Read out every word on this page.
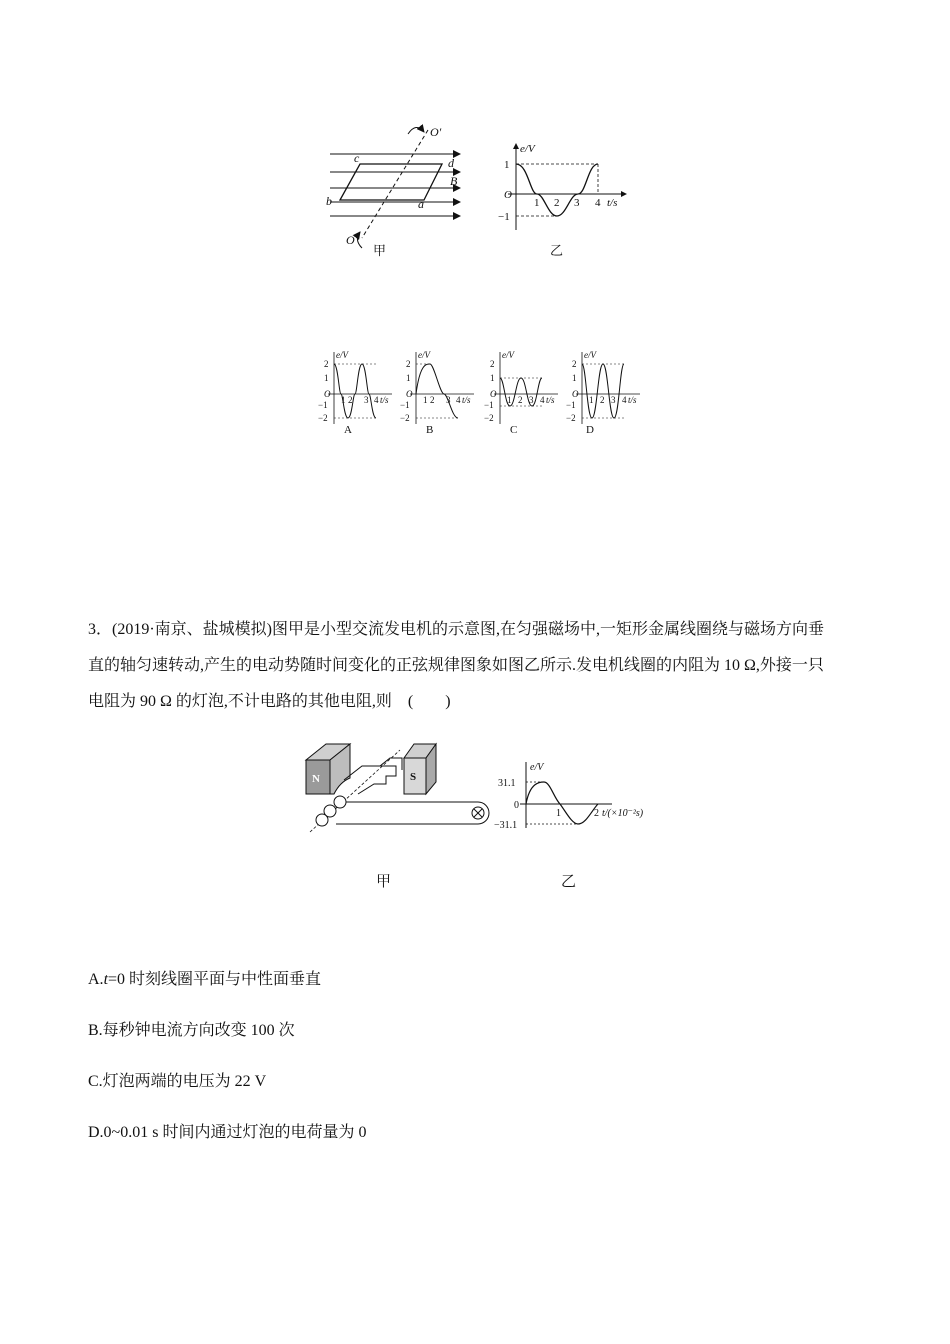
c	d
B
b	a
O′
O
甲
e/V
1
O
−1
1 2 3 4 t/s
乙
e/V
2
1
O
−1
−2
1 2 3 4 t/s
e/V
2
1
O
−1
−2
1 2 3 4 t/s
e/V
2
1
O
−1
−2
1 2 3 4 t/s
e/V
2
1
O
−1
−2
1 2 3 4 t/s
A	B	C	D
3．(2019·南京、盐城模拟)图甲是小型交流发电机的示意图,在匀强磁场中,一矩形金属线圈绕与磁场方向垂
直的轴匀速转动,产生的电动势随时间变化的正弦规律图象如图乙所示.发电机线圈的内阻为 10 Ω,外接一只
电阻为 90 Ω 的灯泡,不计电路的其他电阻,则　(　　)
N	S
e/V
31.1
0
−31.1
1	2 t/(×10⁻²s)
甲	乙
A.t=0 时刻线圈平面与中性面垂直
B.每秒钟电流方向改变 100 次
C.灯泡两端的电压为 22 V
D.0~0.01 s 时间内通过灯泡的电荷量为 0
